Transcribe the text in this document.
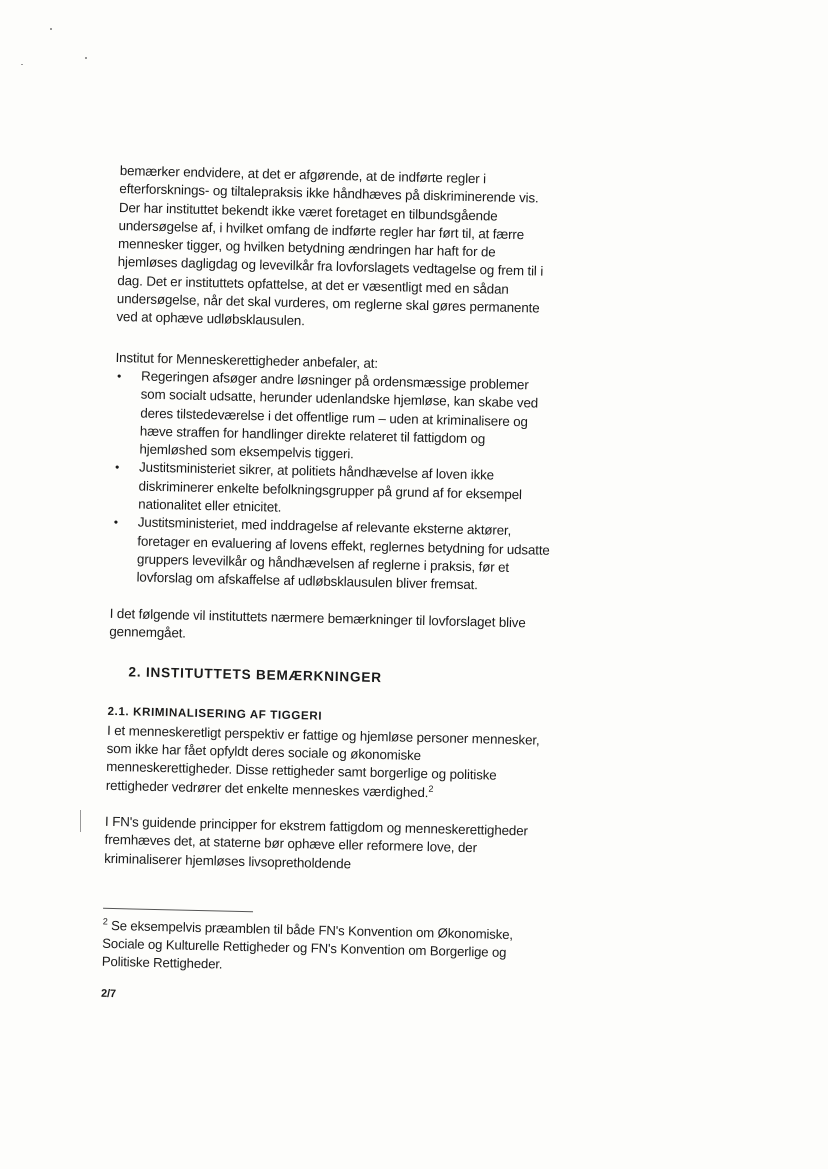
bemærker endvidere, at det er afgørende, at de indførte regler i efterforsknings- og tiltalepraksis ikke håndhæves på diskriminerende vis.

Der har instituttet bekendt ikke været foretaget en tilbundsgående undersøgelse af, i hvilket omfang de indførte regler har ført til, at færre mennesker tigger, og hvilken betydning ændringen har haft for de hjemløses dagligdag og levevilkår fra lovforslagets vedtagelse og frem til i dag. Det er instituttets opfattelse, at det er væsentligt med en sådan undersøgelse, når det skal vurderes, om reglerne skal gøres permanente ved at ophæve udløbsklausulen.

Institut for Menneskerettigheder anbefaler, at:

• Regeringen afsøger andre løsninger på ordensmæssige problemer som socialt udsatte, herunder udenlandske hjemløse, kan skabe ved deres tilstedeværelse i det offentlige rum – uden at kriminalisere og hæve straffen for handlinger direkte relateret til fattigdom og hjemløshed som eksempelvis tiggeri.
• Justitsministeriet sikrer, at politiets håndhævelse af loven ikke diskriminerer enkelte befolkningsgrupper på grund af for eksempel nationalitet eller etnicitet.
• Justitsministeriet, med inddragelse af relevante eksterne aktører, foretager en evaluering af lovens effekt, reglernes betydning for udsatte gruppers levevilkår og håndhævelsen af reglerne i praksis, før et lovforslag om afskaffelse af udløbsklausulen bliver fremsat.

I det følgende vil instituttets nærmere bemærkninger til lovforslaget blive gennemgået.

2. INSTITUTTETS BEMÆRKNINGER

2.1. KRIMINALISERING AF TIGGERI

I et menneskeretligt perspektiv er fattige og hjemløse personer mennesker, som ikke har fået opfyldt deres sociale og økonomiske menneskerettigheder. Disse rettigheder samt borgerlige og politiske rettigheder vedrører det enkelte menneskes værdighed.$^2$

I FN's guidende principper for ekstrem fattigdom og menneskerettigheder fremhæves det, at staterne bør ophæve eller reformere love, der kriminaliserer hjemløses livsopretholdende

$^2$ Se eksempelvis præamblen til både FN's Konvention om Økonomiske, Sociale og Kulturelle Rettigheder og FN's Konvention om Borgerlige og Politiske Rettigheder.

2/7
